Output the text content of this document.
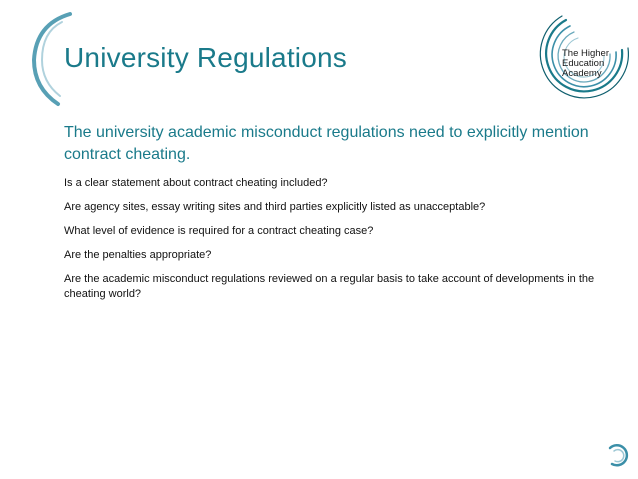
University Regulations	The Higher
Education
Academy
The university academic misconduct regulations need to explicitly mention contract cheating.
Is a clear statement about contract cheating included?
Are agency sites, essay writing sites and third parties explicitly listed as unacceptable?
What level of evidence is required for a contract cheating case?
Are the penalties appropriate?
Are the academic misconduct regulations reviewed on a regular basis to take account of developments in the cheating world?
